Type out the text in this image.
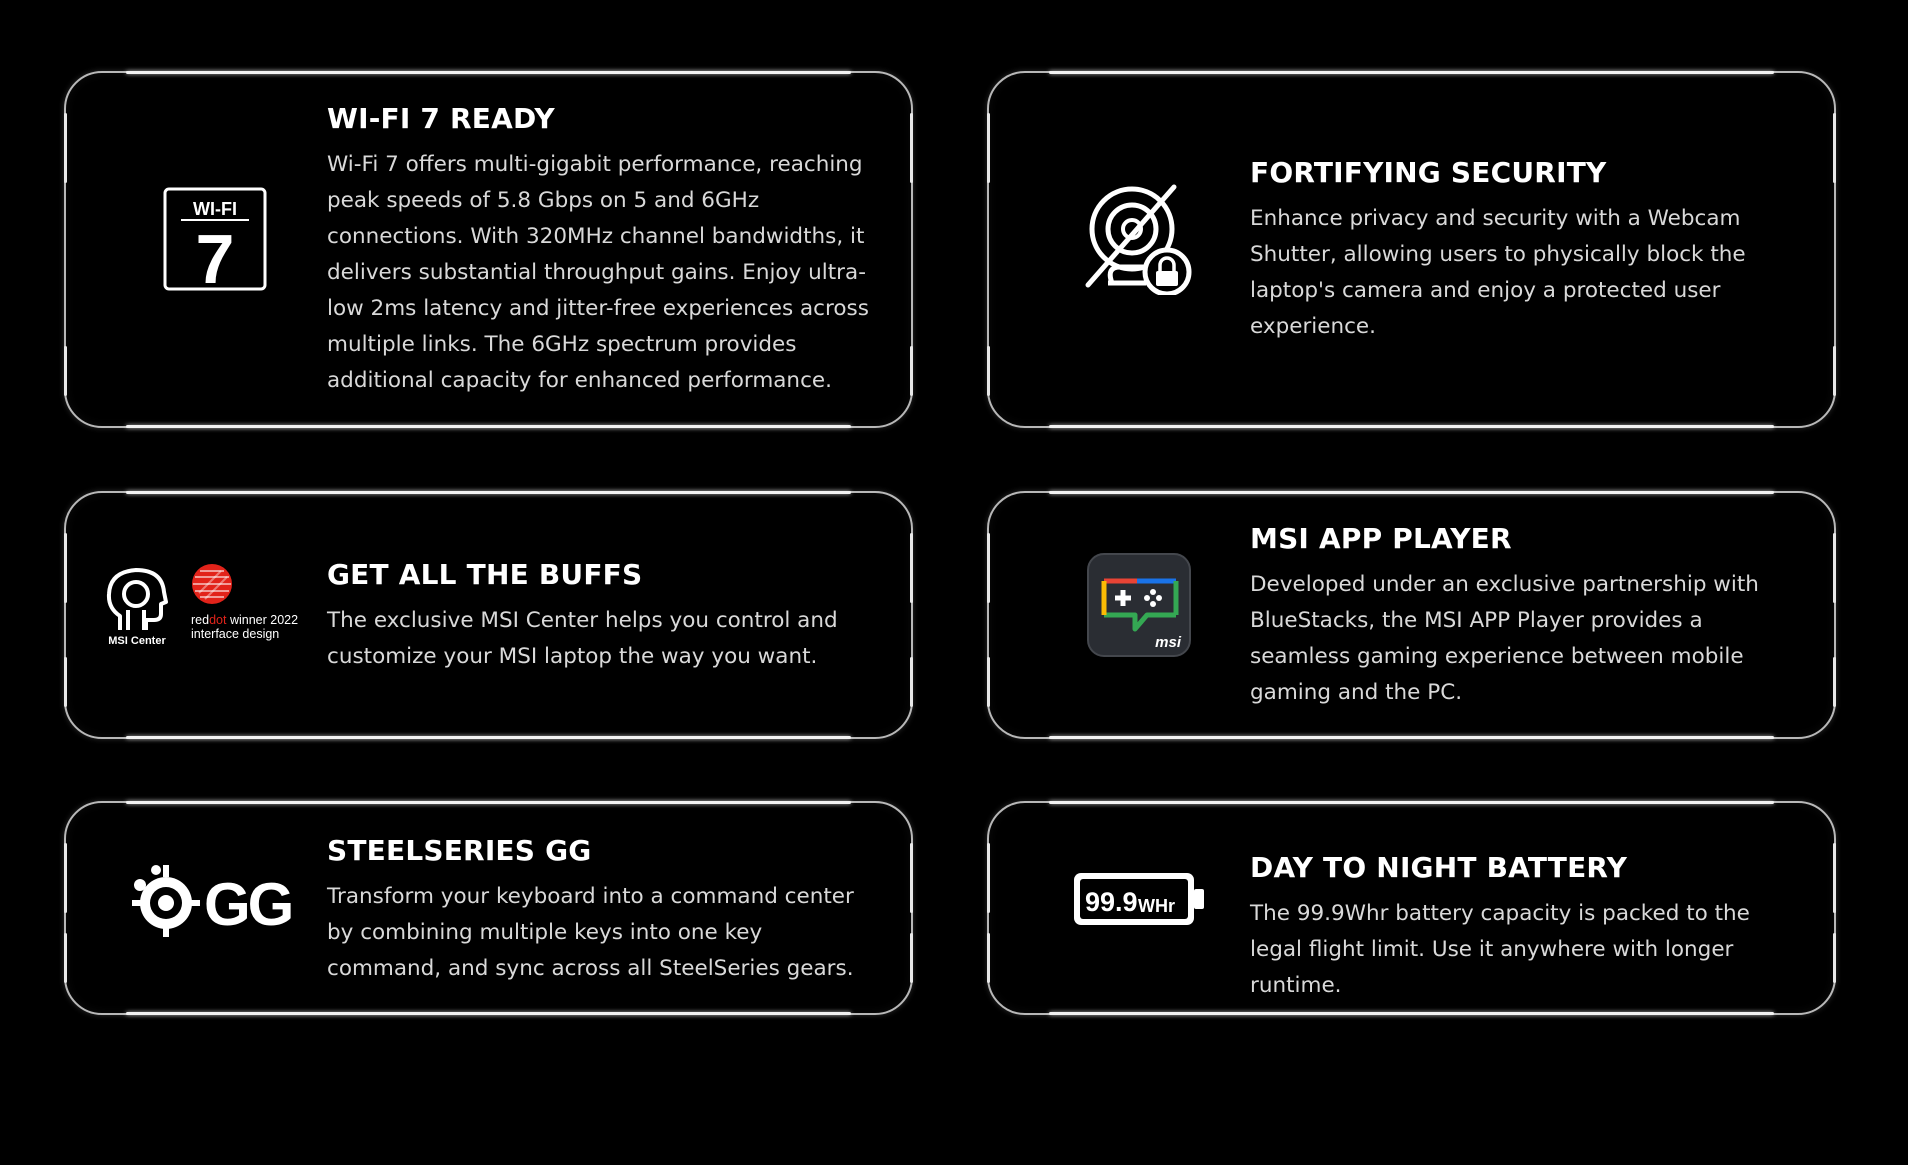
WI-FI
7
WI-FI 7 READY

Wi-Fi 7 offers multi-gigabit performance, reaching peak speeds of 5.8 Gbps on 5 and 6GHz connections. With 320MHz channel bandwidths, it delivers substantial throughput gains. Enjoy ultra-low 2ms latency and jitter-free experiences across multiple links. The 6GHz spectrum provides additional capacity for enhanced performance.

FORTIFYING SECURITY

Enhance privacy and security with a Webcam Shutter, allowing users to physically block the laptop's camera and enjoy a protected user experience.

MSI Center
reddot winner 2022
interface design
GET ALL THE BUFFS

The exclusive MSI Center helps you control and customize your MSI laptop the way you want.

msi
MSI APP PLAYER

Developed under an exclusive partnership with BlueStacks, the MSI APP Player provides a seamless gaming experience between mobile gaming and the PC.

GG
STEELSERIES GG

Transform your keyboard into a command center by combining multiple keys into one key command, and sync across all SteelSeries gears.

99.9 WHr
DAY TO NIGHT BATTERY

The 99.9Whr battery capacity is packed to the legal flight limit. Use it anywhere with longer runtime.
